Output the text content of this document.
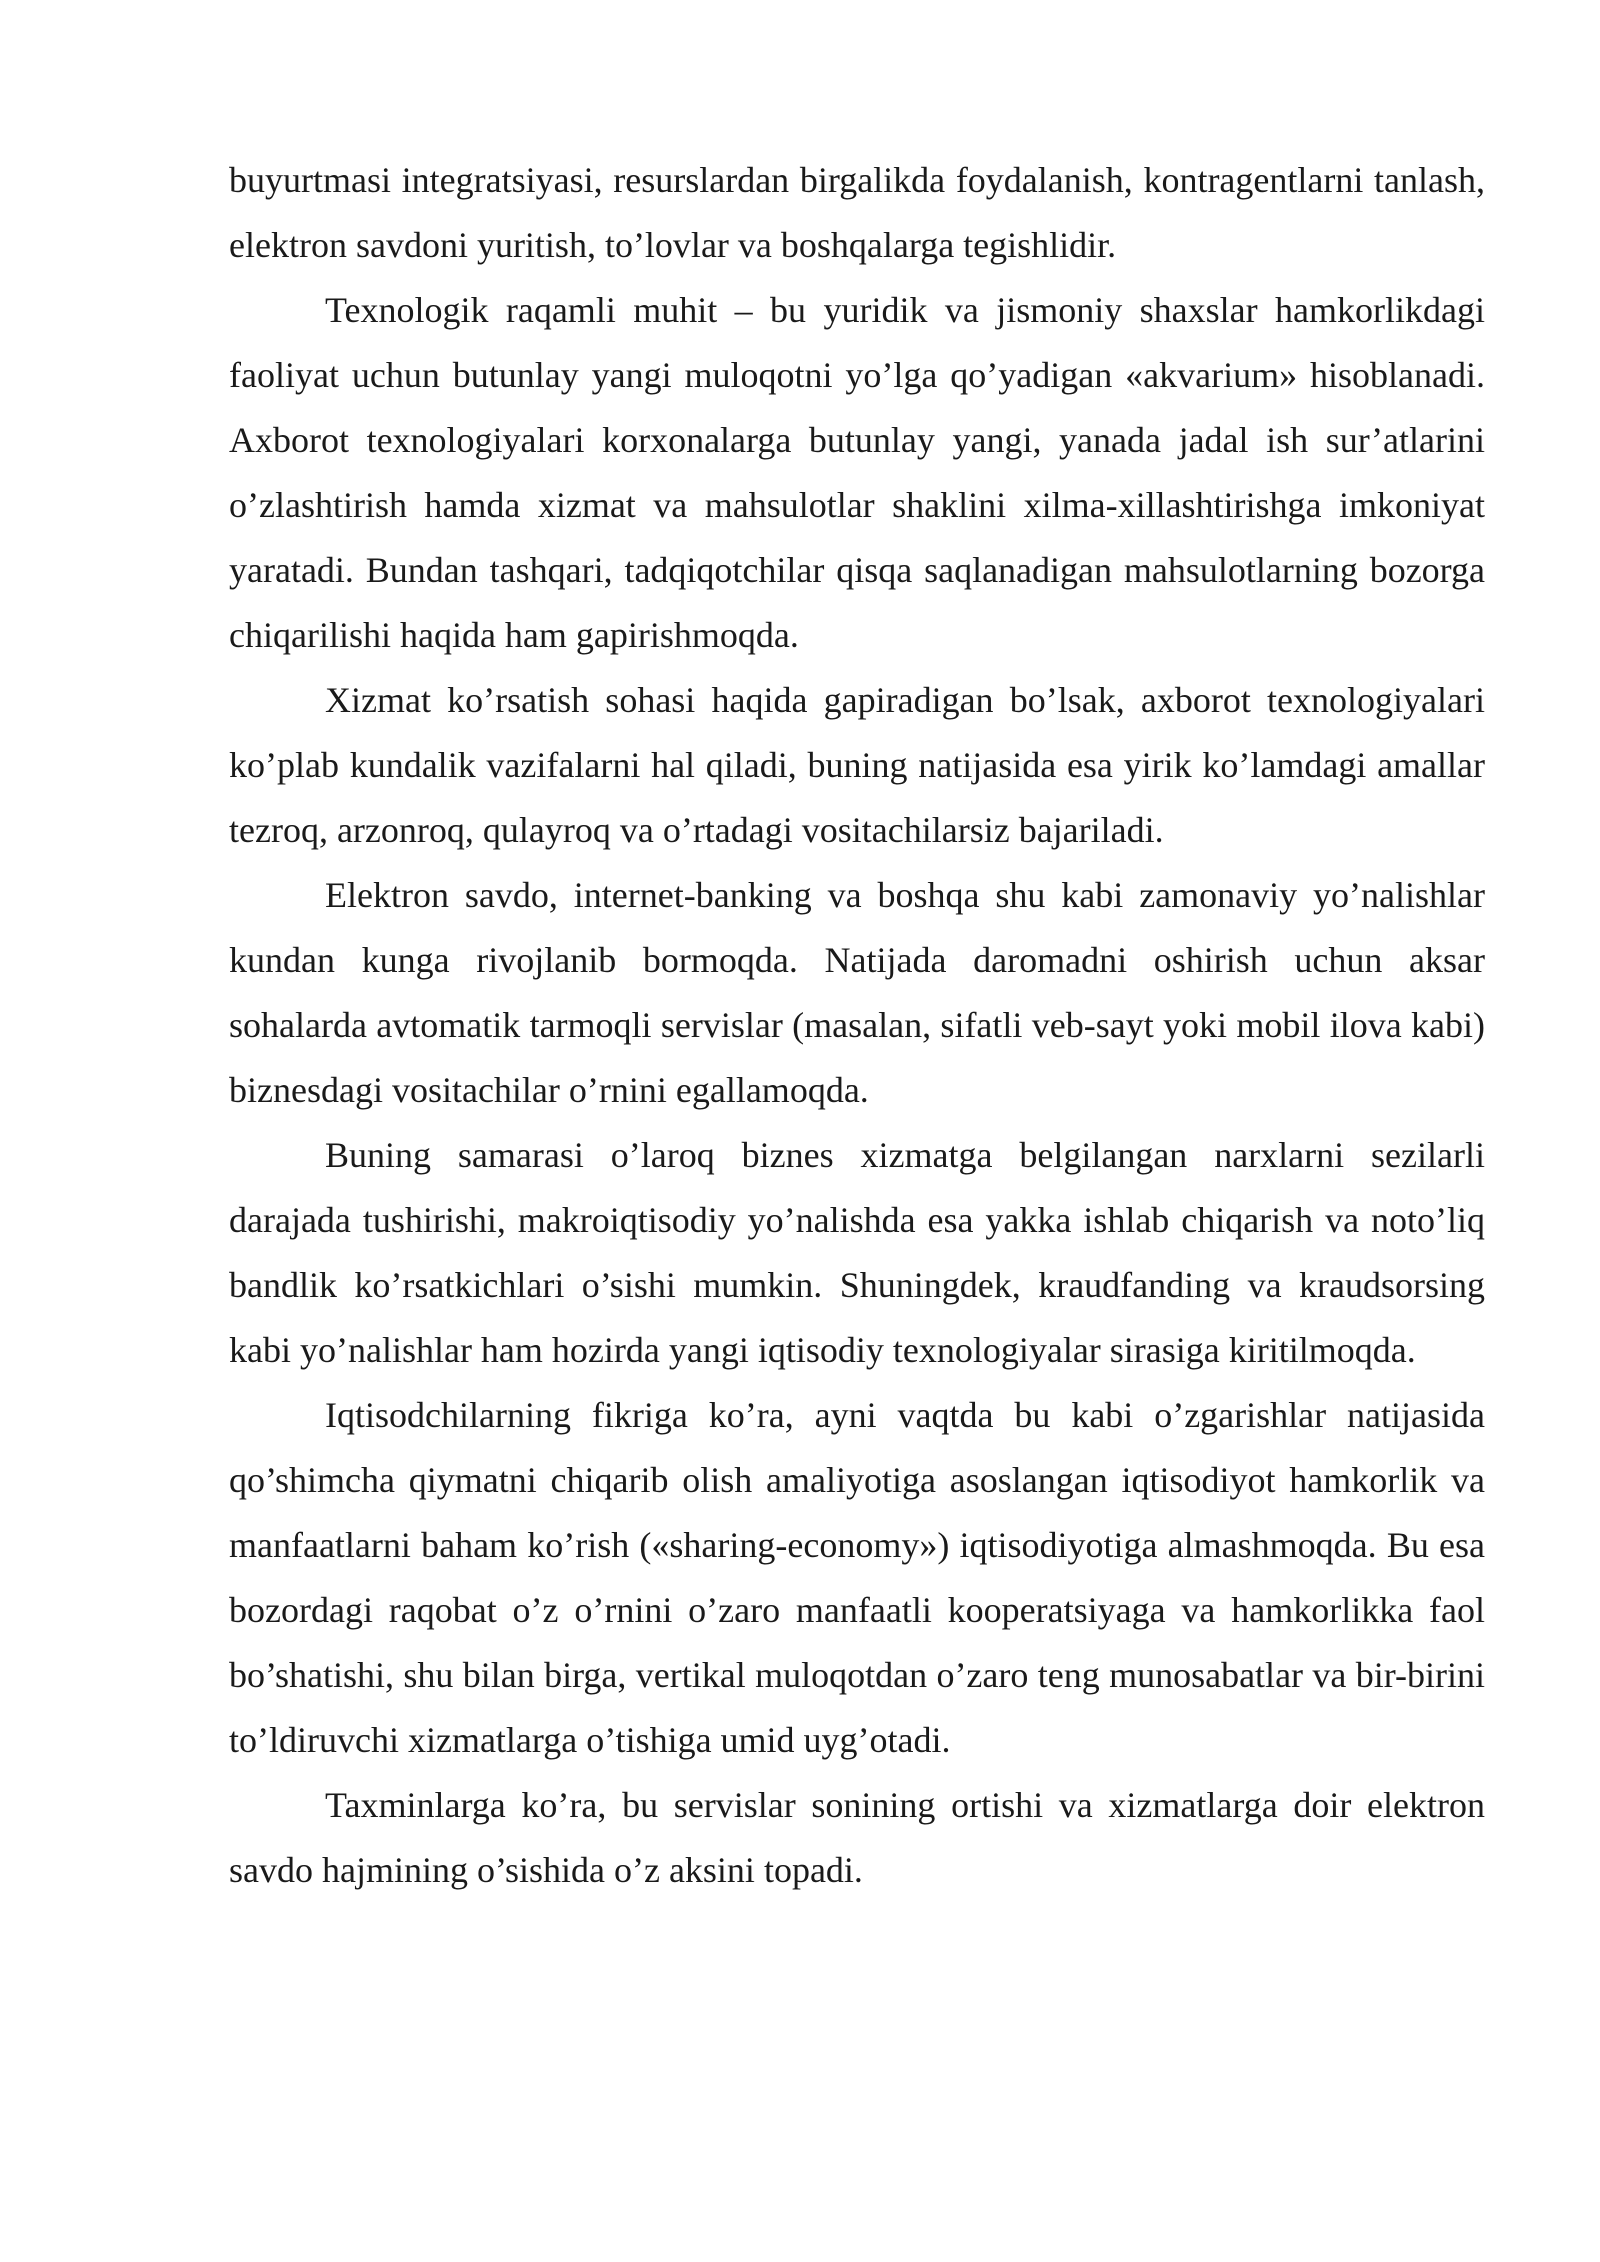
buyurtmasi integratsiyasi, resurslardan birgalikda foydalanish, kontragentlarni tanlash, elektron savdoni yuritish, to’lovlar va boshqalarga tegishlidir.

Texnologik raqamli muhit – bu yuridik va jismoniy shaxslar hamkorlikdagi faoliyat uchun butunlay yangi muloqotni yo’lga qo’yadigan «akvarium» hisoblanadi. Axborot texnologiyalari korxonalarga butunlay yangi, yanada jadal ish sur’atlarini o’zlashtirish hamda xizmat va mahsulotlar shaklini xilma-xillashtirishga imkoniyat yaratadi. Bundan tashqari, tadqiqotchilar qisqa saqlanadigan mahsulotlarning bozorga chiqarilishi haqida ham gapirishmoqda.

Xizmat ko’rsatish sohasi haqida gapiradigan bo’lsak, axborot texnologiyalari ko’plab kundalik vazifalarni hal qiladi, buning natijasida esa yirik ko’lamdagi amallar tezroq, arzonroq, qulayroq va o’rtadagi vositachilarsiz bajariladi.

Elektron savdo, internet-banking va boshqa shu kabi zamonaviy yo’nalishlar kundan kunga rivojlanib bormoqda. Natijada daromadni oshirish uchun aksar sohalarda avtomatik tarmoqli servislar (masalan, sifatli veb-sayt yoki mobil ilova kabi) biznesdagi vositachilar o’rnini egallamoqda.

Buning samarasi o’laroq biznes xizmatga belgilangan narxlarni sezilarli darajada tushirishi, makroiqtisodiy yo’nalishda esa yakka ishlab chiqarish va noto’liq bandlik ko’rsatkichlari o’sishi mumkin. Shuningdek, kraudfanding va kraudsorsing kabi yo’nalishlar ham hozirda yangi iqtisodiy texnologiyalar sirasiga kiritilmoqda.

Iqtisodchilarning fikriga ko’ra, ayni vaqtda bu kabi o’zgarishlar natijasida qo’shimcha qiymatni chiqarib olish amaliyotiga asoslangan iqtisodiyot hamkorlik va manfaatlarni baham ko’rish («sharing-economy») iqtisodiyotiga almashmoqda. Bu esa bozordagi raqobat o’z o’rnini o’zaro manfaatli kooperatsiyaga va hamkorlikka faol bo’shatishi, shu bilan birga, vertikal muloqotdan o’zaro teng munosabatlar va bir-birini to’ldiruvchi xizmatlarga o’tishiga umid uyg’otadi.

Taxminlarga ko’ra, bu servislar sonining ortishi va xizmatlarga doir elektron savdo hajmining o’sishida o’z aksini topadi.
